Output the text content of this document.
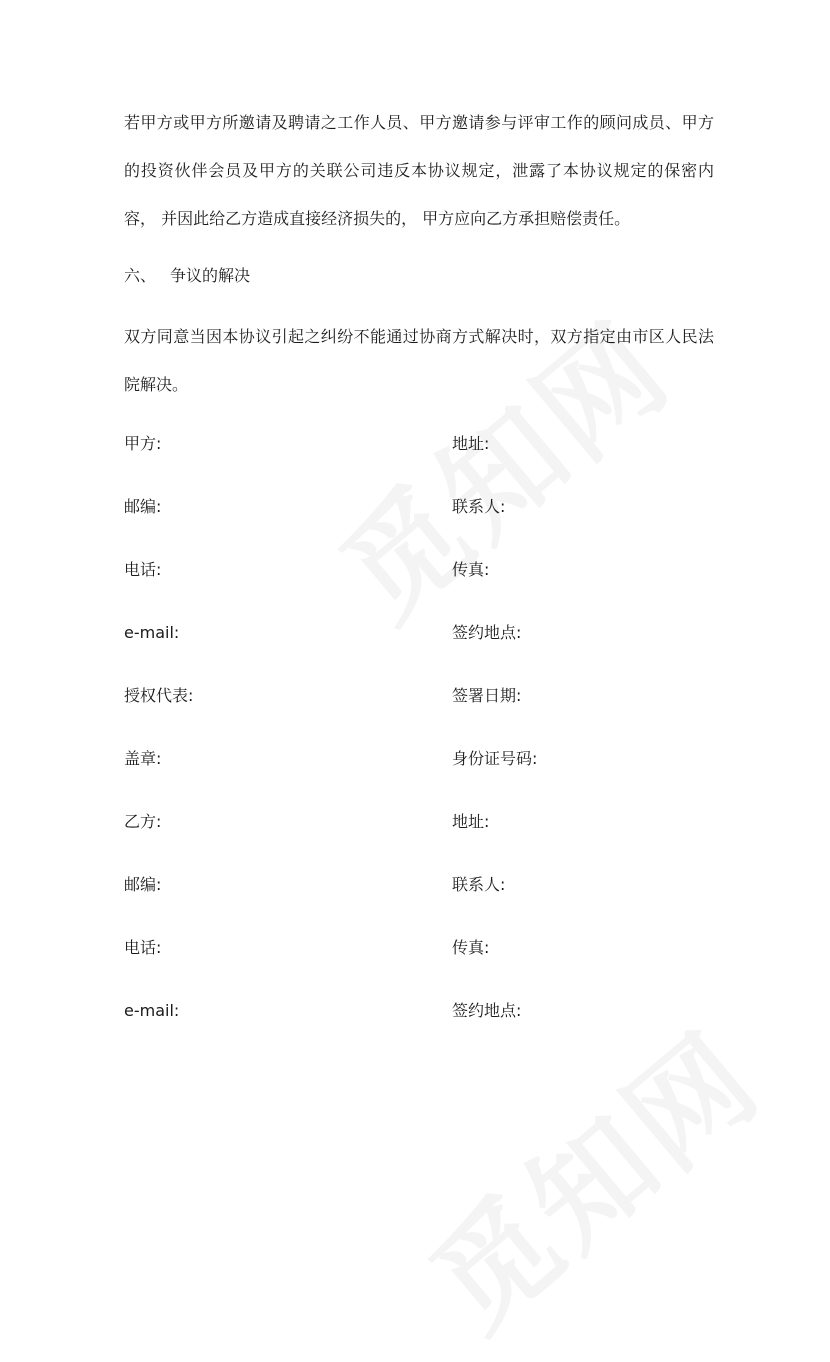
若甲方或甲方所邀请及聘请之工作人员、甲方邀请参与评审工作的顾问成员、甲方的投资伙伴会员及甲方的关联公司违反本协议规定，泄露了本协议规定的保密内容， 并因此给乙方造成直接经济损失的， 甲方应向乙方承担赔偿责任。

六、 争议的解决

双方同意当因本协议引起之纠纷不能通过协商方式解决时，双方指定由市区人民法院解决。

甲方:	地址:
邮编:	联系人:
电话:	传真:
e-mail:	签约地点:
授权代表:	签署日期:
盖章:	身份证号码:
乙方:	地址:
邮编:	联系人:
电话:	传真:
e-mail:	签约地点:
